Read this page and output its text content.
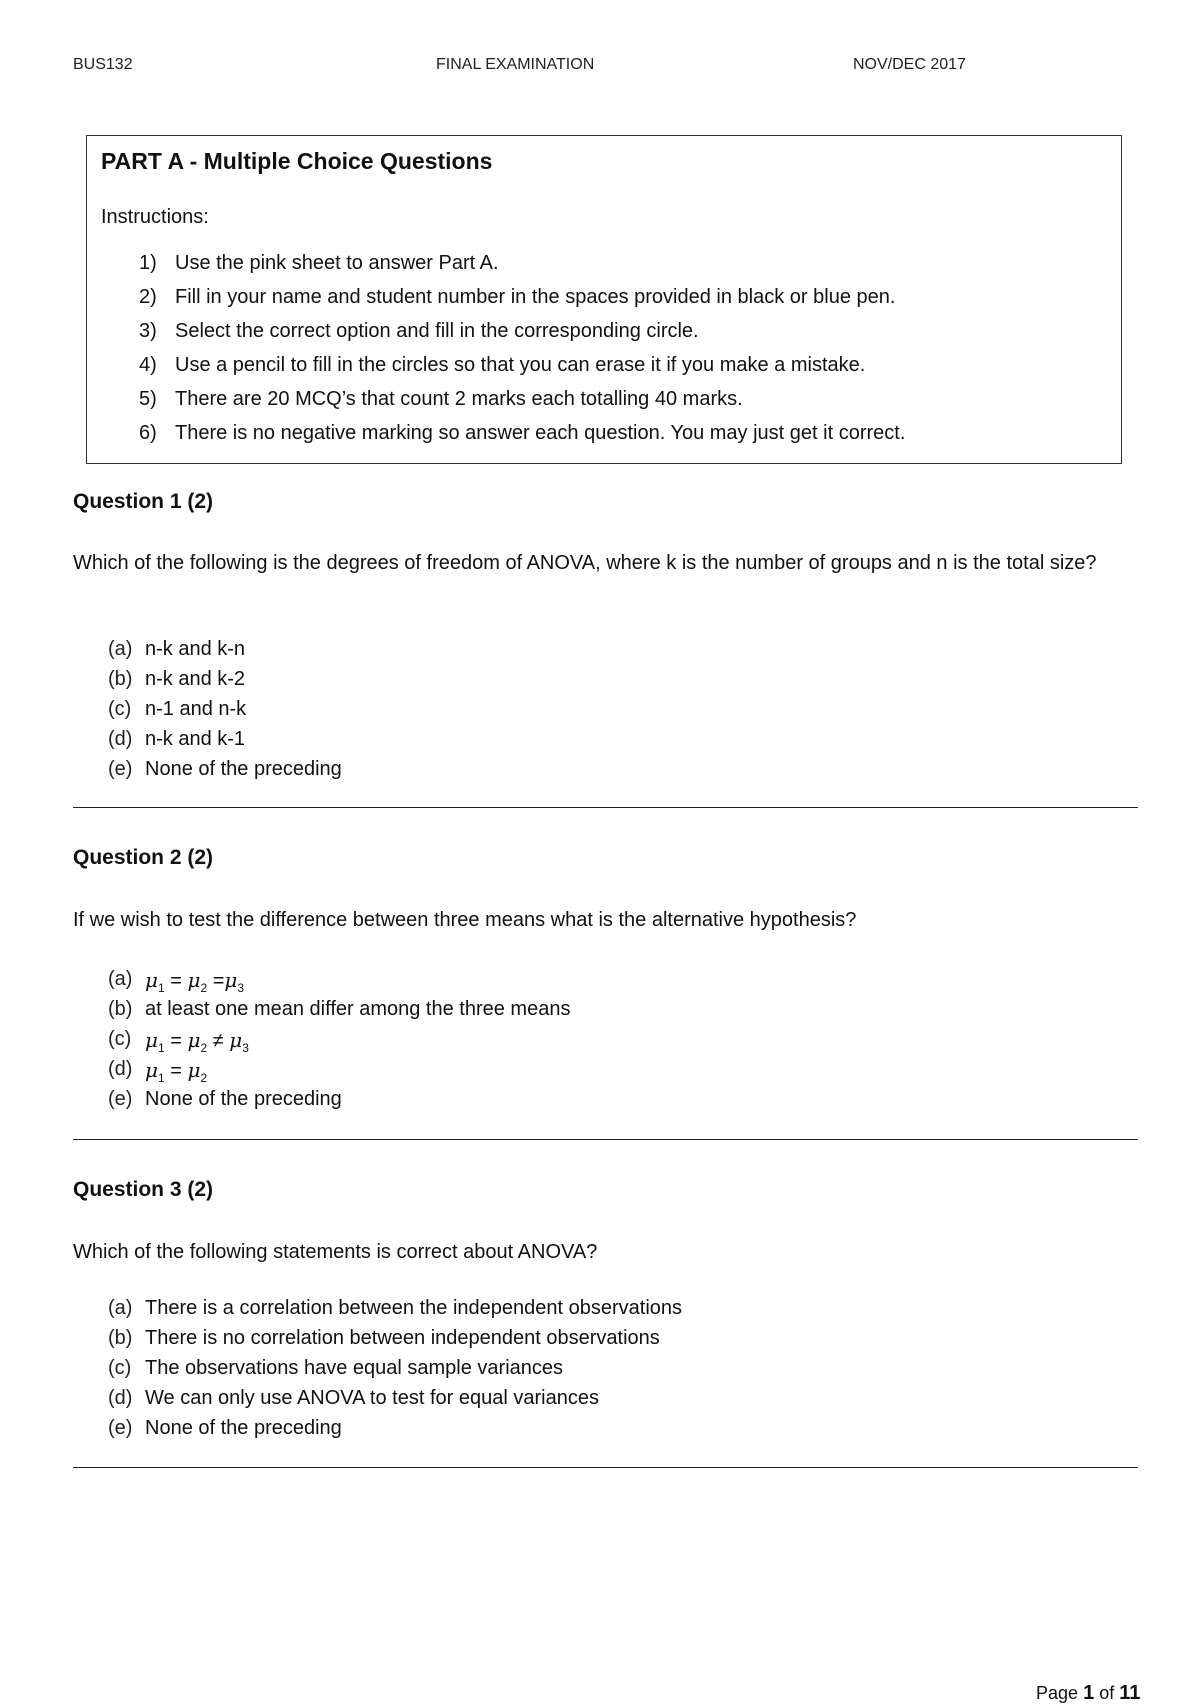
BUS132	FINAL EXAMINATION	NOV/DEC 2017
PART A - Multiple Choice Questions
Instructions:
1) Use the pink sheet to answer Part A.
2) Fill in your name and student number in the spaces provided in black or blue pen.
3) Select the correct option and fill in the corresponding circle.
4) Use a pencil to fill in the circles so that you can erase it if you make a mistake.
5) There are 20 MCQ’s that count 2 marks each totalling 40 marks.
6) There is no negative marking so answer each question. You may just get it correct.
Question 1 (2)

Which of the following is the degrees of freedom of ANOVA, where k is the number of groups and n is the total size?

(a) n-k and k-n
(b) n-k and k-2
(c) n-1 and n-k
(d) n-k and k-1
(e) None of the preceding
Question 2 (2)

If we wish to test the difference between three means what is the alternative hypothesis?

(a) $\mu_1 = \mu_2 =\mu_3$
(b) at least one mean differ among the three means
(c) $\mu_1 = \mu_2 \ne \mu_3$
(d) $\mu_1 = \mu_2$
(e) None of the preceding
Question 3 (2)

Which of the following statements is correct about ANOVA?

(a) There is a correlation between the independent observations
(b) There is no correlation between independent observations
(c) The observations have equal sample variances
(d) We can only use ANOVA to test for equal variances
(e) None of the preceding
Page 1 of 11
